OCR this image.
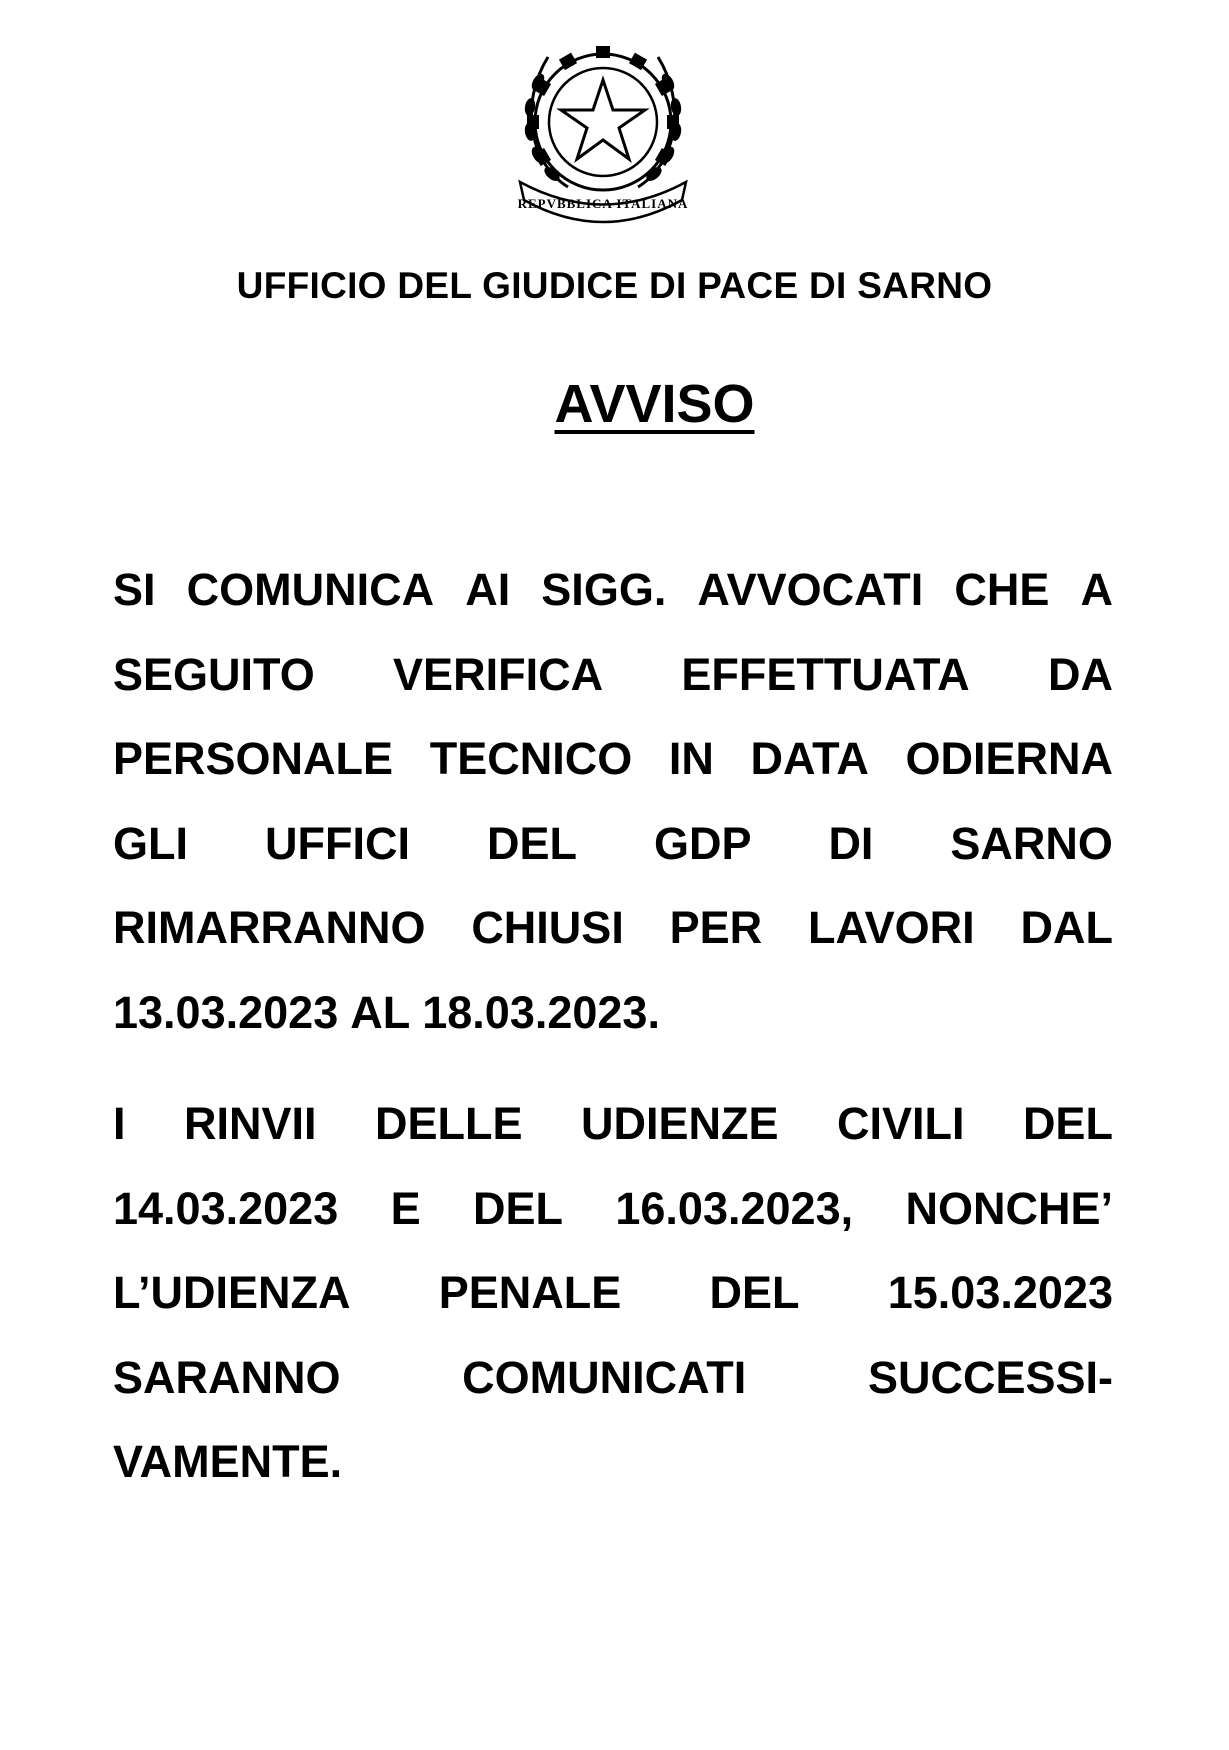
REPVBBLICA ITALIANA
UFFICIO DEL GIUDICE DI PACE DI SARNO
AVVISO
SI COMUNICA AI SIGG. AVVOCATI CHE A
SEGUITO VERIFICA EFFETTUATA DA
PERSONALE TECNICO IN DATA ODIERNA
GLI UFFICI DEL GDP DI SARNO
RIMARRANNO CHIUSI PER LAVORI DAL
13.03.2023 AL 18.03.2023.
I RINVII DELLE UDIENZE CIVILI DEL
14.03.2023 E DEL 16.03.2023, NONCHE’
L’UDIENZA PENALE DEL 15.03.2023
SARANNO	COMUNICATI	SUCCESSI-
VAMENTE.
